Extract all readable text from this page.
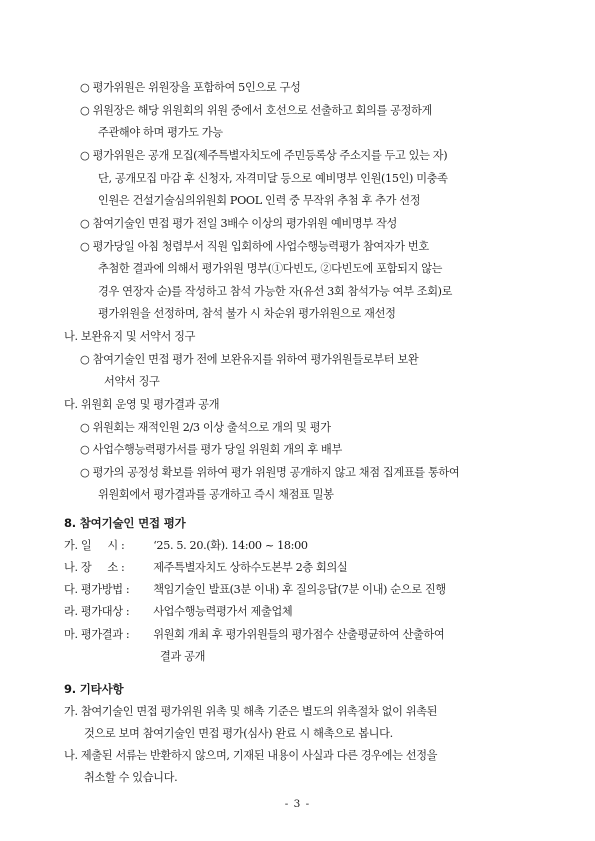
○ 평가위원은 위원장을 포함하여 5인으로 구성
○ 위원장은 해당 위원회의 위원 중에서 호선으로 선출하고 회의를 공정하게
주관해야 하며 평가도 가능
○ 평가위원은 공개 모집(제주특별자치도에 주민등록상 주소지를 두고 있는 자)
단, 공개모집 마감 후 신청자, 자격미달 등으로 예비명부 인원(15인) 미충족
인원은 건설기술심의위원회 POOL 인력 중 무작위 추첨 후 추가 선정
○ 참여기술인 면접 평가 전일 3배수 이상의 평가위원 예비명부 작성
○ 평가당일 아침 청렴부서 직원 입회하에 사업수행능력평가 참여자가 번호
추첨한 결과에 의해서 평가위원 명부(①다빈도, ②다빈도에 포함되지 않는
경우 연장자 순)를 작성하고 참석 가능한 자(유선 3회 참석가능 여부 조회)로
평가위원을 선정하며, 참석 불가 시 차순위 평가위원으로 재선정
나. 보완유지 및 서약서 징구
○ 참여기술인 면접 평가 전에 보완유지를 위하여 평가위원들로부터 보완
서약서 징구
다. 위원회 운영 및 평가결과 공개
○ 위원회는 재적인원 2/3 이상 출석으로 개의 및 평가
○ 사업수행능력평가서를 평가 당일 위원회 개의 후 배부
○ 평가의 공정성 확보를 위하여 평가 위원명 공개하지 않고 채점 집계표를 통하여
위원회에서 평가결과를 공개하고 즉시 채점표 밀봉
8. 참여기술인 면접 평가
가. 일     시 :	‘25. 5. 20.(화). 14:00 ~ 18:00
나. 장     소 :	제주특별자치도 상하수도본부 2층 회의실
다. 평가방법 : 책임기술인 발표(3분 이내) 후 질의응답(7분 이내) 순으로 진행
라. 평가대상 : 사업수행능력평가서 제출업체
마. 평가결과 : 위원회 개최 후 평가위원들의 평가점수 산출평균하여 산출하여
결과 공개
9. 기타사항
가. 참여기술인 면접 평가위원 위촉 및 해촉 기준은 별도의 위촉절차 없이 위촉된
것으로 보며 참여기술인 면접 평가(심사) 완료 시 해촉으로 봅니다.
나. 제출된 서류는 반환하지 않으며, 기재된 내용이 사실과 다른 경우에는 선정을
취소할 수 있습니다.
- 3 -
